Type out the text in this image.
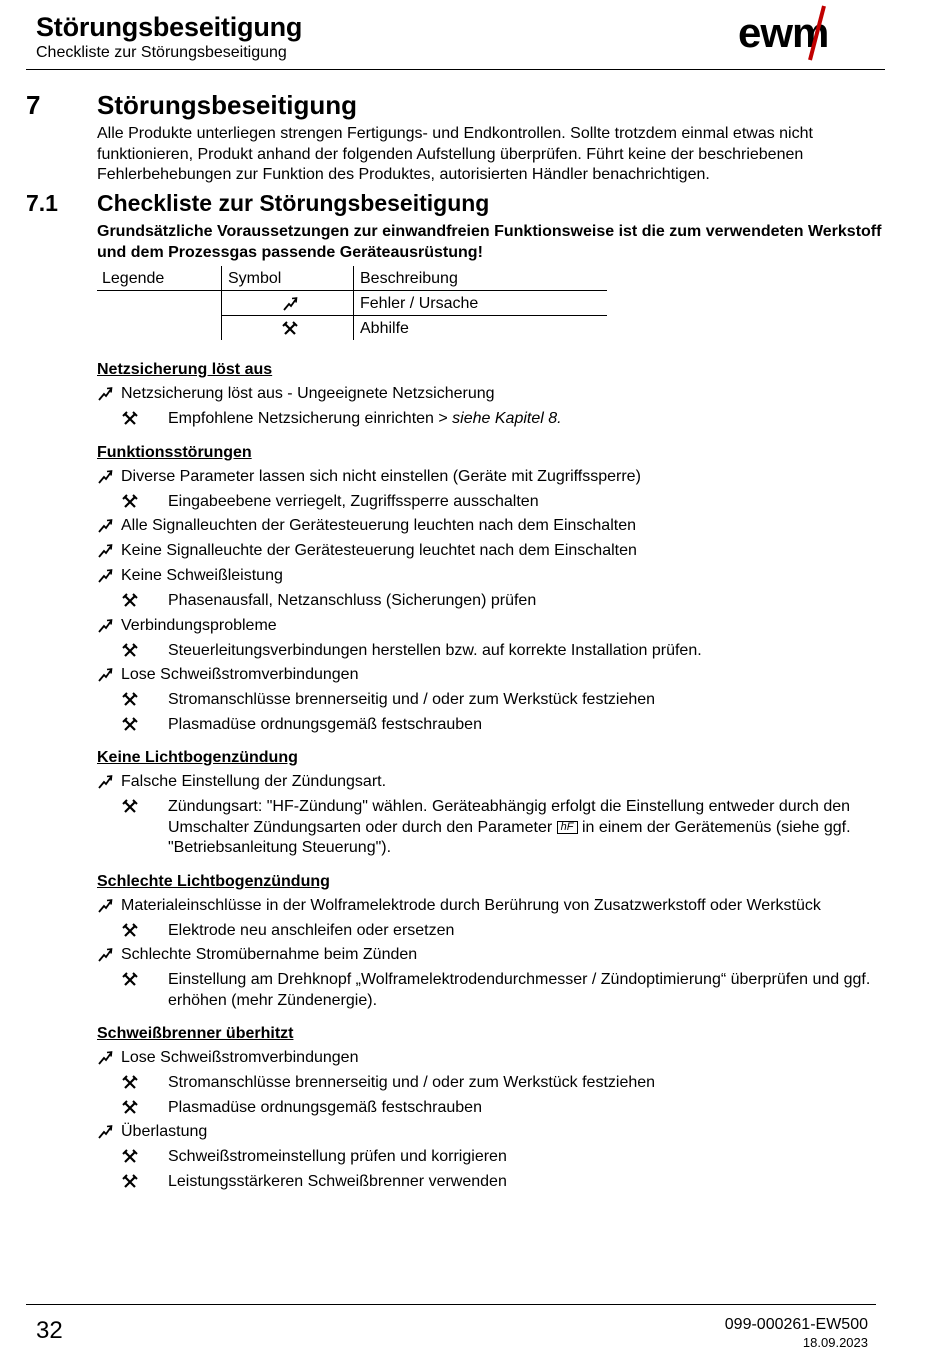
Störungsbeseitigung
Checkliste zur Störungsbeseitigung	ewm
7 Störungsbeseitigung
Alle Produkte unterliegen strengen Fertigungs- und Endkontrollen. Sollte trotzdem einmal etwas nicht funktionieren, Produkt anhand der folgenden Aufstellung überprüfen. Führt keine der beschriebenen Fehlerbehebungen zur Funktion des Produktes, autorisierten Händler benachrichtigen.
7.1 Checkliste zur Störungsbeseitigung
Grundsätzliche Voraussetzungen zur einwandfreien Funktionsweise ist die zum verwendeten Werkstoff und dem Prozessgas passende Geräteausrüstung!
Legende	Symbol	Beschreibung
Fehler / Ursache
Abhilfe
Netzsicherung löst aus
Netzsicherung löst aus - Ungeeignete Netzsicherung
Empfohlene Netzsicherung einrichten > siehe Kapitel 8.
Funktionsstörungen
Diverse Parameter lassen sich nicht einstellen (Geräte mit Zugriffssperre)
Eingabeebene verriegelt, Zugriffssperre ausschalten
Alle Signalleuchten der Gerätesteuerung leuchten nach dem Einschalten
Keine Signalleuchte der Gerätesteuerung leuchtet nach dem Einschalten
Keine Schweißleistung
Phasenausfall, Netzanschluss (Sicherungen) prüfen
Verbindungsprobleme
Steuerleitungsverbindungen herstellen bzw. auf korrekte Installation prüfen.
Lose Schweißstromverbindungen
Stromanschlüsse brennerseitig und / oder zum Werkstück festziehen
Plasmadüse ordnungsgemäß festschrauben
Keine Lichtbogenzündung
Falsche Einstellung der Zündungsart.
Zündungsart: "HF-Zündung" wählen. Geräteabhängig erfolgt die Einstellung entweder durch den Umschalter Zündungsarten oder durch den Parameter hF in einem der Gerätemenüs (siehe ggf. "Betriebsanleitung Steuerung").
Schlechte Lichtbogenzündung
Materialeinschlüsse in der Wolframelektrode durch Berührung von Zusatzwerkstoff oder Werkstück
Elektrode neu anschleifen oder ersetzen
Schlechte Stromübernahme beim Zünden
Einstellung am Drehknopf „Wolframelektrodendurchmesser / Zündoptimierung“ überprüfen und ggf. erhöhen (mehr Zündenergie).
Schweißbrenner überhitzt
Lose Schweißstromverbindungen
Stromanschlüsse brennerseitig und / oder zum Werkstück festziehen
Plasmadüse ordnungsgemäß festschrauben
Überlastung
Schweißstromeinstellung prüfen und korrigieren
Leistungsstärkeren Schweißbrenner verwenden
32	099-000261-EW500
18.09.2023
